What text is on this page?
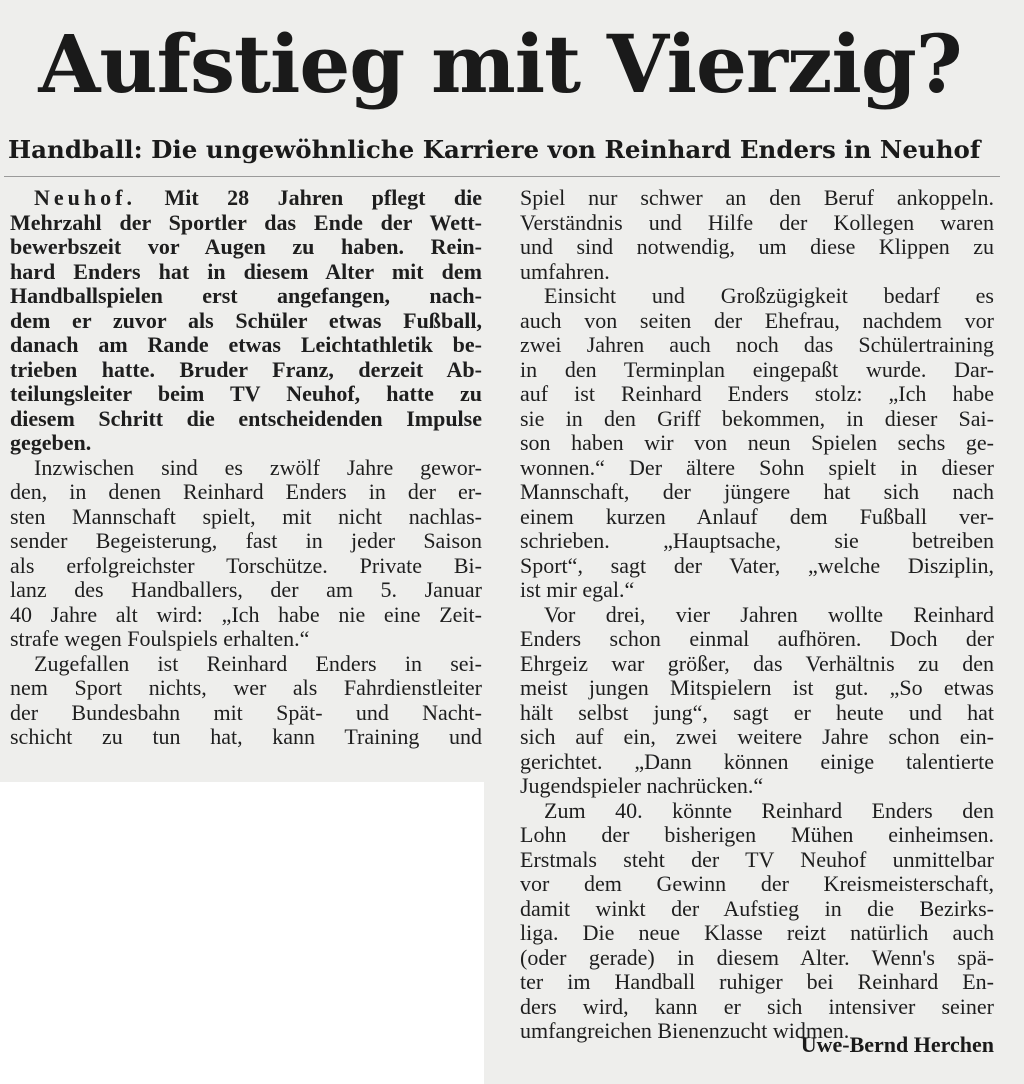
Aufstieg mit Vierzig?
Handball: Die ungewöhnliche Karriere von Reinhard Enders in Neuhof
Neuhof. Mit 28 Jahren pflegt die
Mehrzahl der Sportler das Ende der Wett-
bewerbszeit vor Augen zu haben. Rein-
hard Enders hat in diesem Alter mit dem
Handballspielen erst angefangen, nach-
dem er zuvor als Schüler etwas Fußball,
danach am Rande etwas Leichtathletik be-
trieben hatte. Bruder Franz, derzeit Ab-
teilungsleiter beim TV Neuhof, hatte zu
diesem Schritt die entscheidenden Impulse
gegeben.
Inzwischen sind es zwölf Jahre gewor-
den, in denen Reinhard Enders in der er-
sten Mannschaft spielt, mit nicht nachlas-
sender Begeisterung, fast in jeder Saison
als erfolgreichster Torschütze. Private Bi-
lanz des Handballers, der am 5. Januar
40 Jahre alt wird: „Ich habe nie eine Zeit-
strafe wegen Foulspiels erhalten.“
Zugefallen ist Reinhard Enders in sei-
nem Sport nichts, wer als Fahrdienstleiter
der Bundesbahn mit Spät- und Nacht-
schicht zu tun hat, kann Training und
Spiel nur schwer an den Beruf ankoppeln.
Verständnis und Hilfe der Kollegen waren
und sind notwendig, um diese Klippen zu
umfahren.
Einsicht und Großzügigkeit bedarf es
auch von seiten der Ehefrau, nachdem vor
zwei Jahren auch noch das Schülertraining
in den Terminplan eingepaßt wurde. Dar-
auf ist Reinhard Enders stolz: „Ich habe
sie in den Griff bekommen, in dieser Sai-
son haben wir von neun Spielen sechs ge-
wonnen.“ Der ältere Sohn spielt in dieser
Mannschaft, der jüngere hat sich nach
einem kurzen Anlauf dem Fußball ver-
schrieben. „Hauptsache, sie betreiben
Sport“, sagt der Vater, „welche Disziplin,
ist mir egal.“
Vor drei, vier Jahren wollte Reinhard
Enders schon einmal aufhören. Doch der
Ehrgeiz war größer, das Verhältnis zu den
meist jungen Mitspielern ist gut. „So etwas
hält selbst jung“, sagt er heute und hat
sich auf ein, zwei weitere Jahre schon ein-
gerichtet. „Dann können einige talentierte
Jugendspieler nachrücken.“
Zum 40. könnte Reinhard Enders den
Lohn der bisherigen Mühen einheimsen.
Erstmals steht der TV Neuhof unmittelbar
vor dem Gewinn der Kreismeisterschaft,
damit winkt der Aufstieg in die Bezirks-
liga. Die neue Klasse reizt natürlich auch
(oder gerade) in diesem Alter. Wenn's spä-
ter im Handball ruhiger bei Reinhard En-
ders wird, kann er sich intensiver seiner
umfangreichen Bienenzucht widmen.
Uwe-Bernd Herchen
